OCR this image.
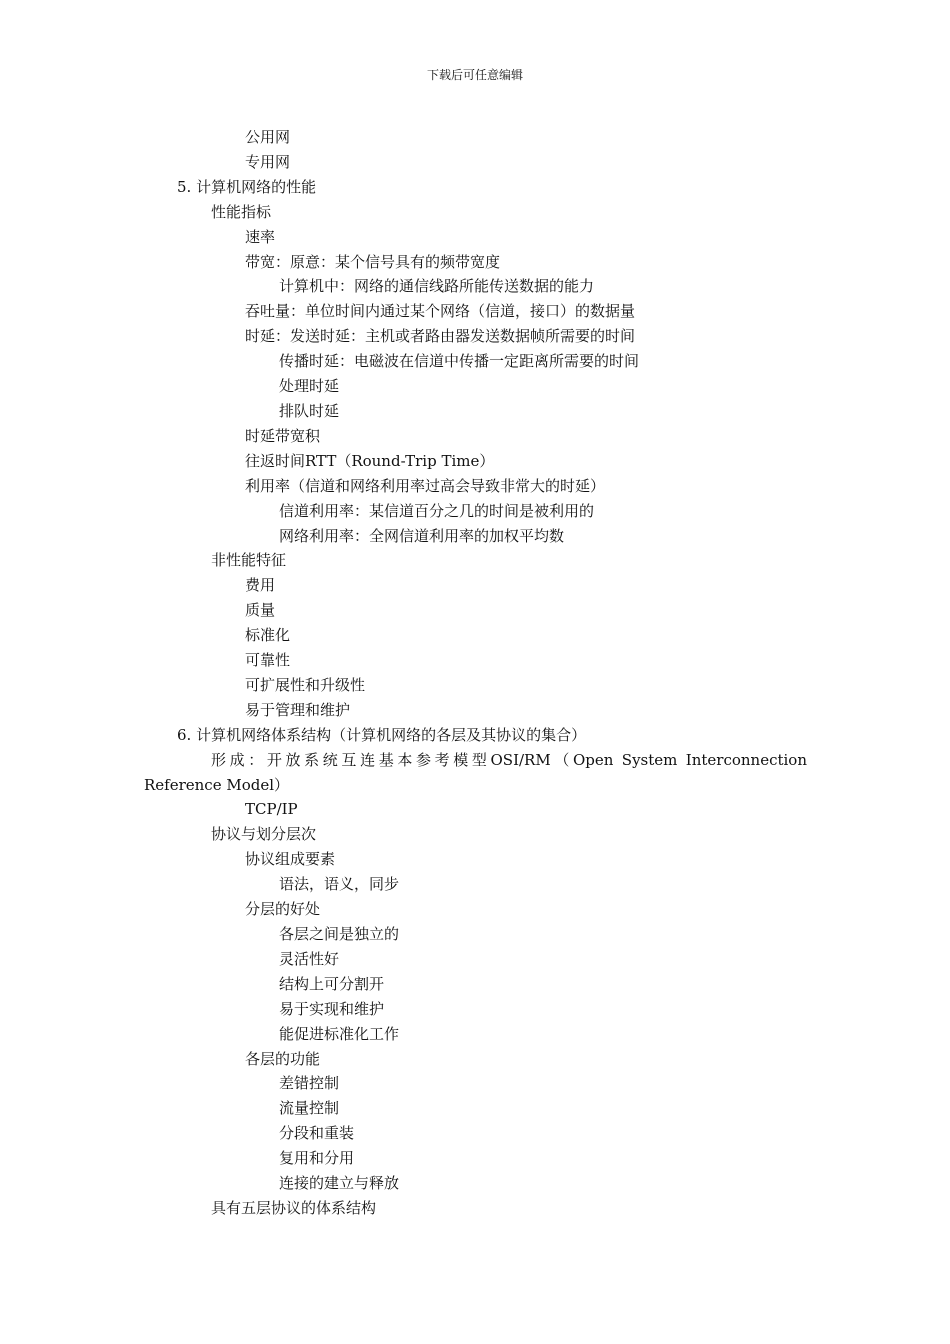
下载后可任意编辑
公用网
专用网
5. 计算机网络的性能
性能指标
速率
带宽：原意：某个信号具有的频带宽度
计算机中：网络的通信线路所能传送数据的能力
吞吐量：单位时间内通过某个网络（信道，接口）的数据量
时延：发送时延：主机或者路由器发送数据帧所需要的时间
传播时延：电磁波在信道中传播一定距离所需要的时间
处理时延
排队时延
时延带宽积
往返时间RTT（Round-Trip Time）
利用率（信道和网络利用率过高会导致非常大的时延）
信道利用率：某信道百分之几的时间是被利用的
网络利用率：全网信道利用率的加权平均数
非性能特征
费用
质量
标准化
可靠性
可扩展性和升级性
易于管理和维护
6. 计算机网络体系结构（计算机网络的各层及其协议的集合）
形成：开放系统互连基本参考模型OSI/RM（Open System Interconnection
Reference Model）
TCP/IP
协议与划分层次
协议组成要素
语法，语义，同步
分层的好处
各层之间是独立的
灵活性好
结构上可分割开
易于实现和维护
能促进标准化工作
各层的功能
差错控制
流量控制
分段和重装
复用和分用
连接的建立与释放
具有五层协议的体系结构
